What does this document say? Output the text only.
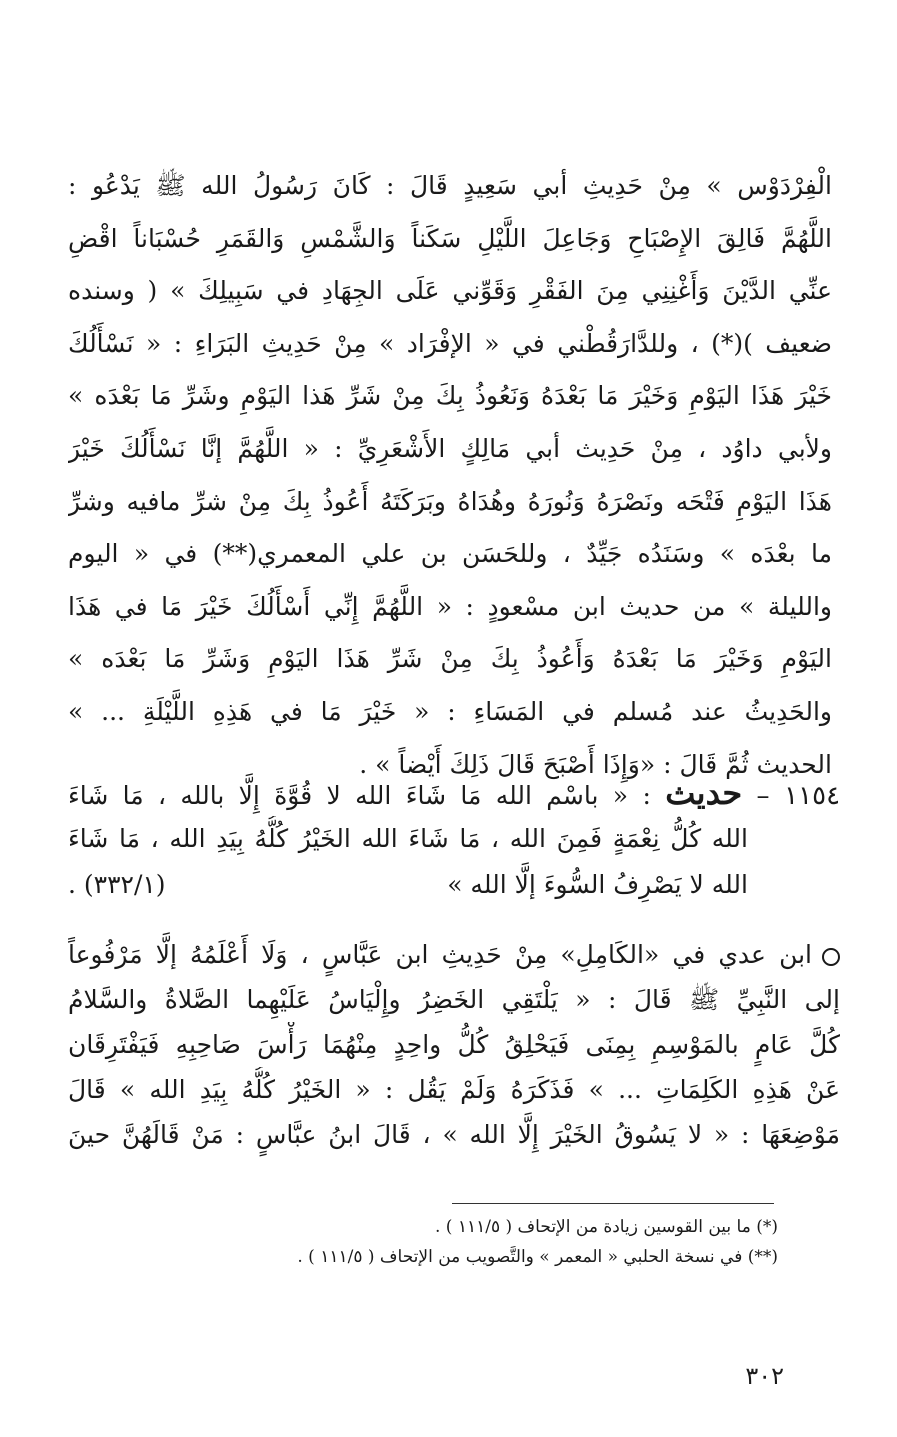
الْفِرْدَوْس » مِنْ حَدِيثِ أبي سَعِيدٍ قَالَ : كَانَ رَسُولُ الله ﷺ يَدْعُو :
اللَّهُمَّ فَالِقَ الإِصْبَاحِ وَجَاعِلَ اللَّيْلِ سَكَناً وَالشَّمْسِ وَالقَمَرِ حُسْبَاناً اقْضِ
عنِّي الدَّيْنَ وَأَغْنِنِي مِنَ الفَقْرِ وَقَوِّني عَلَى الجِهَادِ في سَبِيلِكَ » ( وسنده
ضعيف )(*) ، وللدَّارَقُطْني في « الإفْرَاد » مِنْ حَدِيثِ البَرَاءِ : « نَسْأَلُكَ
خَيْرَ هَذَا اليَوْمِ وَخَيْرَ مَا بَعْدَهُ وَنَعُوذُ بِكَ مِنْ شَرِّ هَذا اليَوْمِ وشَرِّ مَا بَعْدَه »
ولأبي داوُد ، مِنْ حَدِيث أبي مَالِكٍ الأَشْعَرِيِّ : « اللَّهُمَّ إنَّا نَسْأَلُكَ خَيْرَ
هَذَا اليَوْمِ فَتْحَه ونَصْرَهُ وَنُورَهُ وهُدَاهُ وبَرَكَتَهُ أَعُوذُ بِكَ مِنْ شرِّ مافيه وشرِّ
ما بعْدَه » وسَنَدُه جَيِّدٌ ، وللحَسَن بن علي المعمري(**) في « اليوم
والليلة » من حديث ابن مسْعودٍ : « اللَّهُمَّ إِنِّي أَسْأَلُكَ خَيْرَ مَا في هَذَا
اليَوْمِ وَخَيْرَ مَا بَعْدَهُ وَأَعُوذُ بِكَ مِنْ شَرِّ هَذَا اليَوْمِ وَشَرِّ مَا بَعْدَه »
والحَدِيثُ عند مُسلم في المَسَاءِ : « خَيْرَ مَا في هَذِهِ اللَّيْلَةِ ... »
الحديث ثُمَّ قَالَ : «وَإِذَا أَصْبَحَ قَالَ ذَلِكَ أَيْضاً » .
١١٥٤ – حديث : « باسْم الله مَا شَاءَ الله لا قُوَّةَ إِلَّا بالله ، مَا شَاءَ
الله كُلُّ نِعْمَةٍ فَمِنَ الله ، مَا شَاءَ الله الخَيْرُ كُلُّهُ بِيَدِ الله ، مَا شَاءَ
الله لا يَصْرِفُ السُّوءَ إلَّا الله »
(٣٣٢/١) .
ابن عدي في «الكَامِلِ» مِنْ حَدِيثِ ابن عَبَّاسٍ ، وَلَا أَعْلَمُهُ إلَّا مَرْفُوعاً
إلى النَّبِيِّ ﷺ قَالَ : « يَلْتَقِي الخَضِرُ وإِلْيَاسُ عَلَيْهِما الصَّلاةُ والسَّلامُ
كُلَّ عَامٍ بالمَوْسِمِ بِمِنَى فَيَحْلِقُ كُلُّ واحِدٍ مِنْهُمَا رَأْسَ صَاحِبِهِ فَيَفْتَرِقَان
عَنْ هَذِهِ الكَلِمَاتِ ... » فَذَكَرَهُ وَلَمْ يَقُل : « الخَيْرُ كُلُّهُ بِيَدِ الله » قَالَ
مَوْضِعَهَا : « لا يَسُوقُ الخَيْرَ إِلَّا الله » ، قَالَ ابنُ عبَّاسٍ : مَنْ قَالَهُنَّ حينَ
(*) ما بين القوسين زيادة من الإتحاف ( ١١١/٥ ) .
(**) في نسخة الحلبي « المعمر » والتَّصويب من الإتحاف ( ١١١/٥ ) .
٣٠٢
